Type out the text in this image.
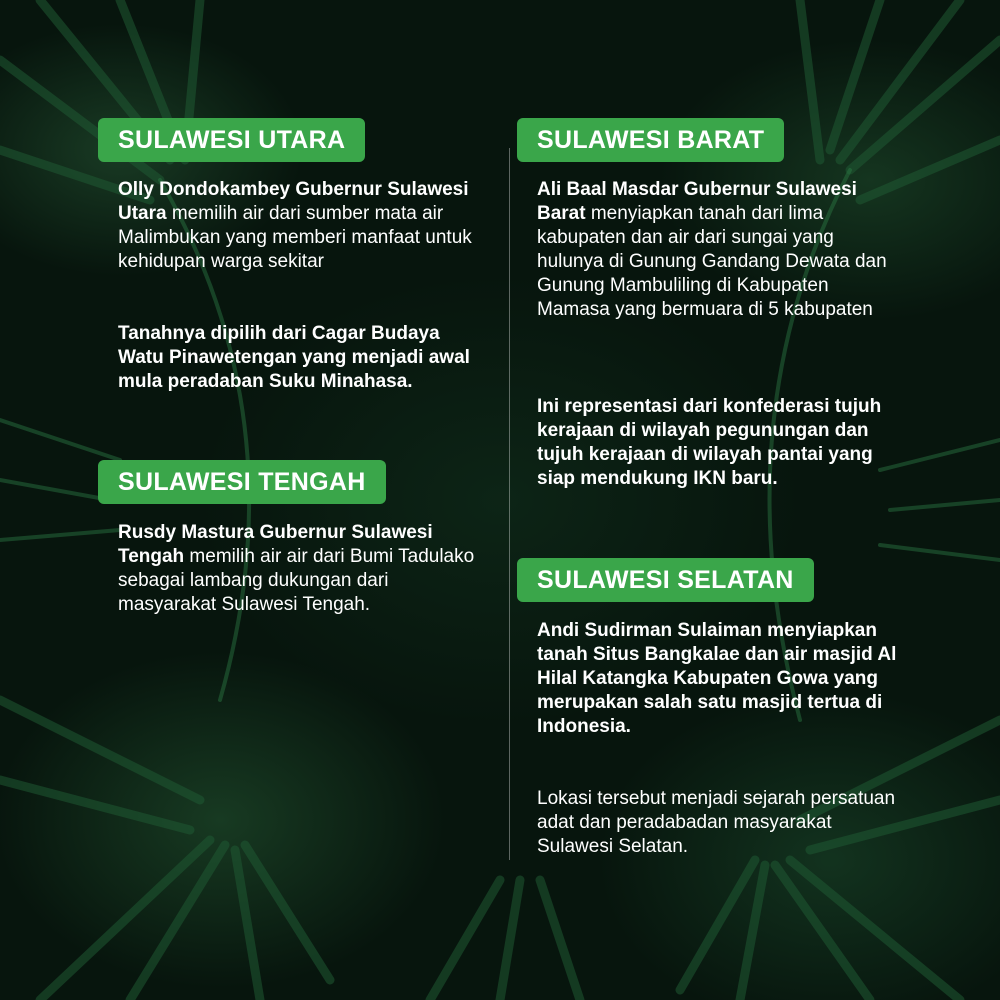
SULAWESI UTARA

Olly Dondokambey Gubernur Sulawesi Utara memilih air dari sumber mata air Malimbukan yang memberi manfaat untuk kehidupan warga sekitar

Tanahnya dipilih dari Cagar Budaya Watu Pinawetengan yang menjadi awal mula peradaban Suku Minahasa.

SULAWESI TENGAH

Rusdy Mastura Gubernur Sulawesi Tengah memilih air air dari Bumi Tadulako sebagai lambang dukungan dari masyarakat Sulawesi Tengah.

SULAWESI BARAT

Ali Baal Masdar Gubernur Sulawesi Barat menyiapkan tanah dari lima kabupaten dan air dari sungai yang hulunya di Gunung Gandang Dewata dan Gunung Mambuliling di Kabupaten Mamasa yang bermuara di 5 kabupaten

Ini representasi dari konfederasi tujuh kerajaan di wilayah pegunungan dan tujuh kerajaan di wilayah pantai yang siap mendukung IKN baru.

SULAWESI SELATAN

Andi Sudirman Sulaiman menyiapkan tanah Situs Bangkalae dan air masjid Al Hilal Katangka Kabupaten Gowa yang merupakan salah satu masjid tertua di Indonesia.

Lokasi tersebut menjadi sejarah persatuan adat dan peradabadan masyarakat Sulawesi Selatan.
